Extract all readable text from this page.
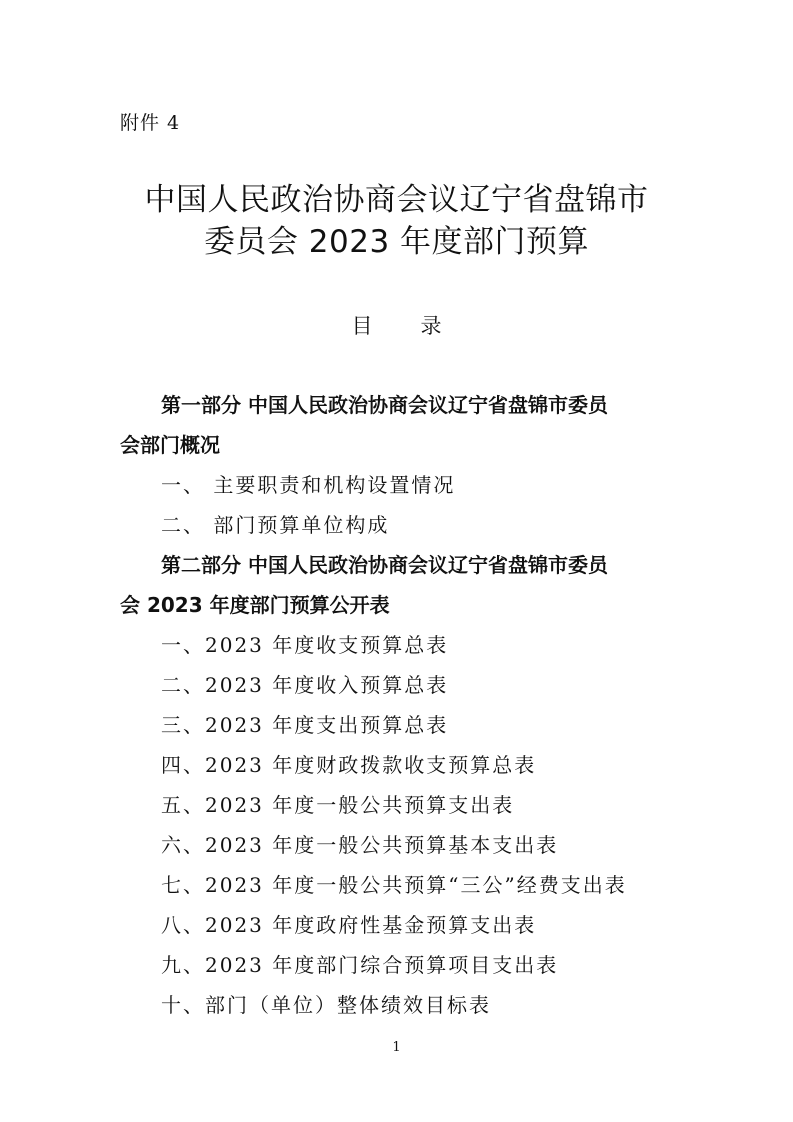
附件 4
中国人民政治协商会议辽宁省盘锦市
委员会 2023 年度部门预算
目录
第一部分 中国人民政治协商会议辽宁省盘锦市委员
会部门概况
一、 主要职责和机构设置情况
二、 部门预算单位构成
第二部分 中国人民政治协商会议辽宁省盘锦市委员
会 2023 年度部门预算公开表
一、2023 年度收支预算总表
二、2023 年度收入预算总表
三、2023 年度支出预算总表
四、2023 年度财政拨款收支预算总表
五、2023 年度一般公共预算支出表
六、2023 年度一般公共预算基本支出表
七、2023 年度一般公共预算“三公”经费支出表
八、2023 年度政府性基金预算支出表
九、2023 年度部门综合预算项目支出表
十、部门（单位）整体绩效目标表
1
